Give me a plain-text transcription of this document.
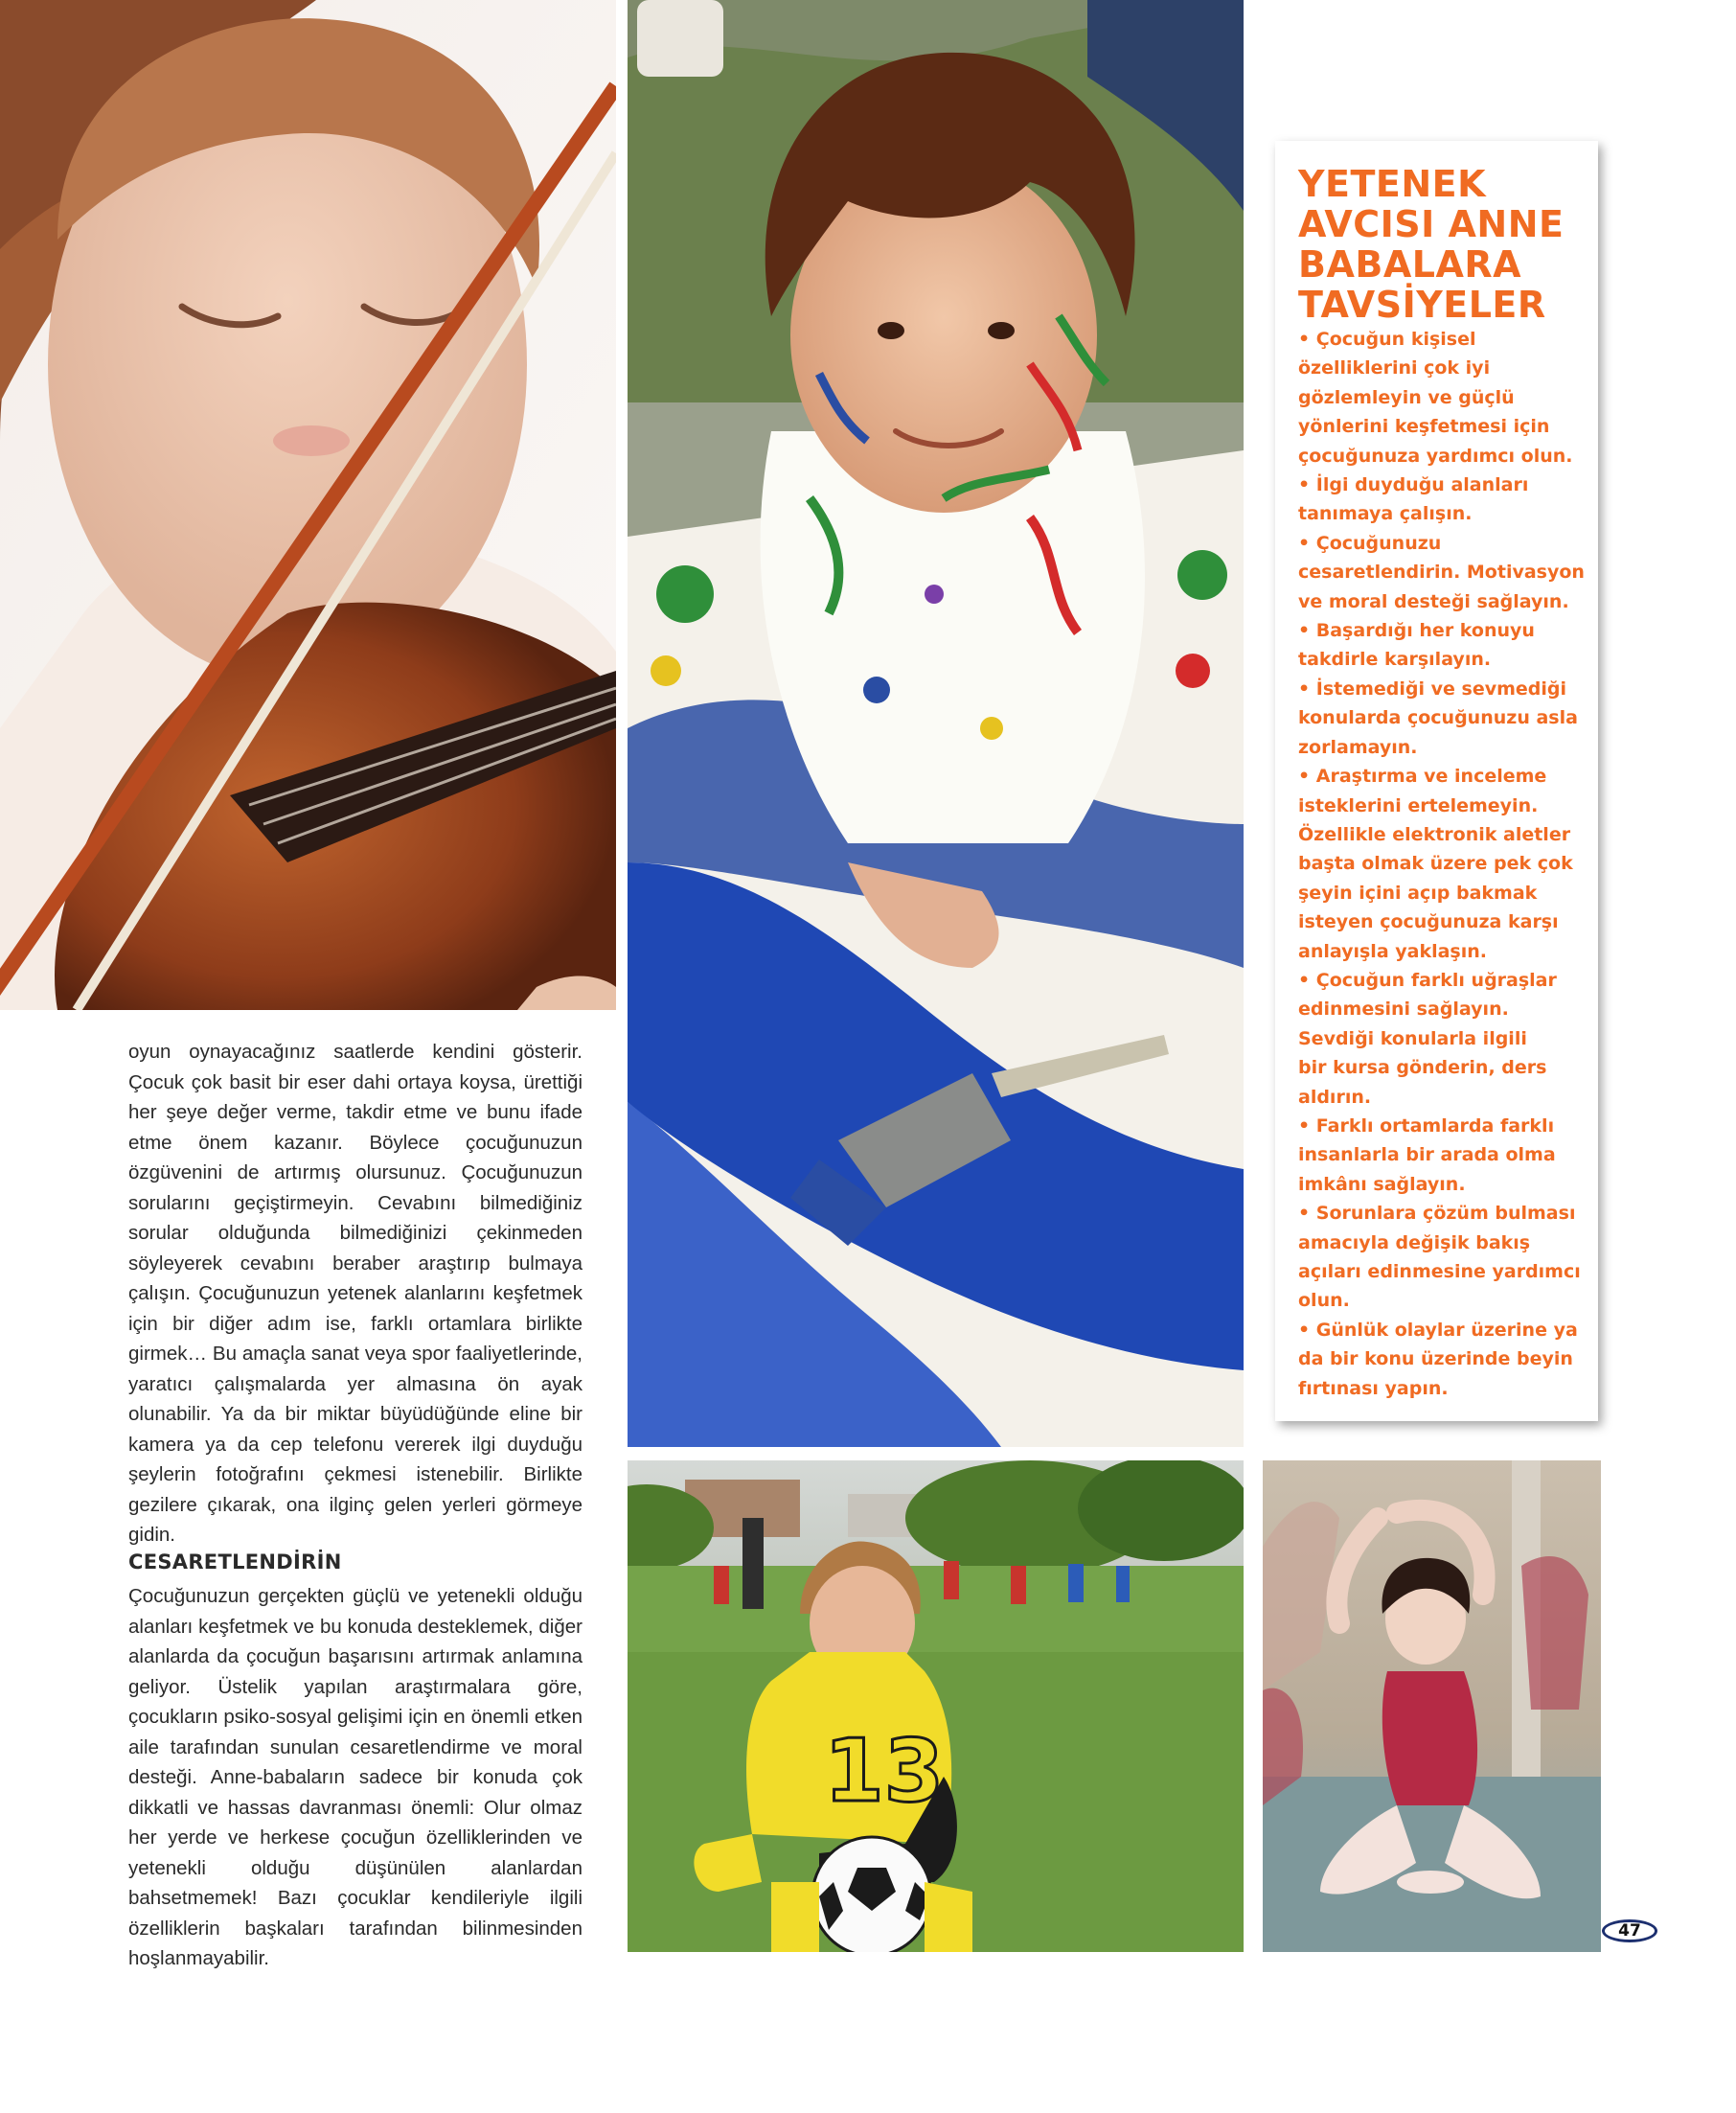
13
oyun oynayacağınız saatlerde kendini gösterir. Çocuk çok basit bir eser dahi ortaya koysa, ürettiği her şeye değer verme, takdir etme ve bunu ifade etme önem kazanır. Böylece çocuğunuzun özgüvenini de artırmış olursunuz. Çocuğunuzun sorularını geçiştirmeyin. Cevabını bilmediğiniz sorular olduğunda bilmediğinizi çekinmeden söyleyerek cevabını beraber araştırıp bulmaya çalışın. Çocuğunuzun yetenek alanlarını keşfetmek için bir diğer adım ise, farklı ortamlara birlikte girmek… Bu amaçla sanat veya spor faaliyetlerinde, yaratıcı çalışmalarda yer almasına ön ayak olunabilir. Ya da bir miktar büyüdüğünde eline bir kamera ya da cep telefonu vererek ilgi duyduğu şeylerin fotoğrafını çekmesi istenebilir. Birlikte gezilere çıkarak, ona ilginç gelen yerleri görmeye gidin.
CESARETLENDİRİN
Çocuğunuzun gerçekten güçlü ve yetenekli olduğu alanları keşfetmek ve bu konuda desteklemek, diğer alanlarda da çocuğun başarısını artırmak anlamına geliyor. Üstelik yapılan araştırmalara göre, çocukların psiko-sosyal gelişimi için en önemli etken aile tarafından sunulan cesaretlendirme ve moral desteği. Anne-babaların sadece bir konuda çok dikkatli ve hassas davranması önemli: Olur olmaz her yerde ve herkese çocuğun özelliklerinden ve yetenekli olduğu düşünülen alanlardan bahsetmemek! Bazı çocuklar kendileriyle ilgili özelliklerin başkaları tarafından bilinmesinden hoşlanmayabilir.
YETENEK
AVCISI ANNE
BABALARA
TAVSİYELER
• Çocuğun kişisel
özelliklerini çok iyi
gözlemleyin ve güçlü
yönlerini keşfetmesi için
çocuğunuza yardımcı olun.
• İlgi duyduğu alanları
tanımaya çalışın.
• Çocuğunuzu
cesaretlendirin. Motivasyon
ve moral desteği sağlayın.
• Başardığı her konuyu
takdirle karşılayın.
• İstemediği ve sevmediği
konularda çocuğunuzu asla
zorlamayın.
• Araştırma ve inceleme
isteklerini ertelemeyin.
Özellikle elektronik aletler
başta olmak üzere pek çok
şeyin içini açıp bakmak
isteyen çocuğunuza karşı
anlayışla yaklaşın.
• Çocuğun farklı uğraşlar
edinmesini sağlayın.
Sevdiği konularla ilgili
bir kursa gönderin, ders
aldırın.
• Farklı ortamlarda farklı
insanlarla bir arada olma
imkânı sağlayın.
• Sorunlara çözüm bulması
amacıyla değişik bakış
açıları edinmesine yardımcı
olun.
• Günlük olaylar üzerine ya
da bir konu üzerinde beyin
fırtınası yapın.
47
